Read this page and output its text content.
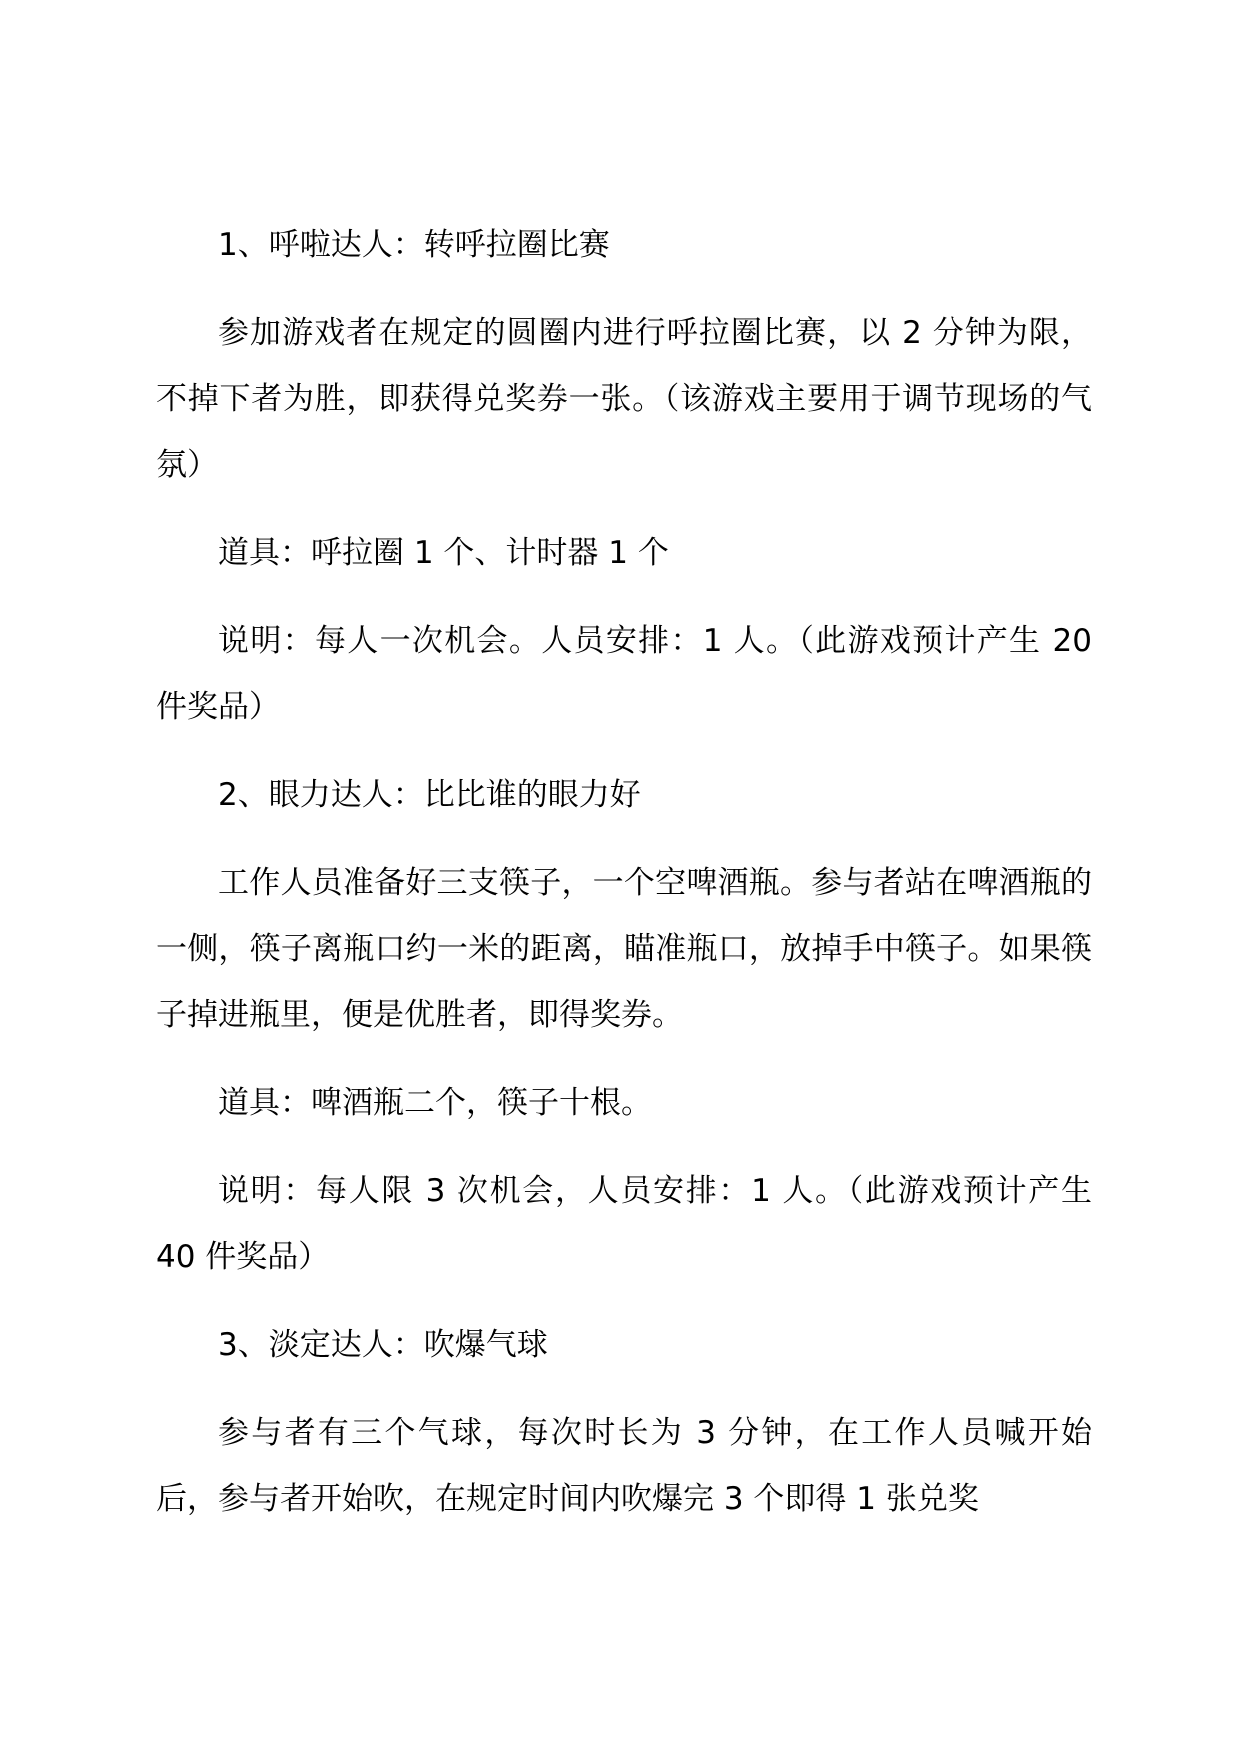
1、呼啦达人：转呼拉圈比赛

参加游戏者在规定的圆圈内进行呼拉圈比赛，以 2 分钟为限，不掉下者为胜，即获得兑奖券一张。（该游戏主要用于调节现场的气氛）

道具：呼拉圈 1 个、计时器 1 个

说明：每人一次机会。人员安排：1 人。（此游戏预计产生 20 件奖品）

2、眼力达人：比比谁的眼力好

工作人员准备好三支筷子，一个空啤酒瓶。参与者站在啤酒瓶的一侧，筷子离瓶口约一米的距离，瞄准瓶口，放掉手中筷子。如果筷子掉进瓶里，便是优胜者，即得奖券。

道具：啤酒瓶二个，筷子十根。

说明：每人限 3 次机会，人员安排：1 人。（此游戏预计产生 40 件奖品）

3、淡定达人：吹爆气球

参与者有三个气球，每次时长为 3 分钟，在工作人员喊开始后，参与者开始吹，在规定时间内吹爆完 3 个即得 1 张兑奖
